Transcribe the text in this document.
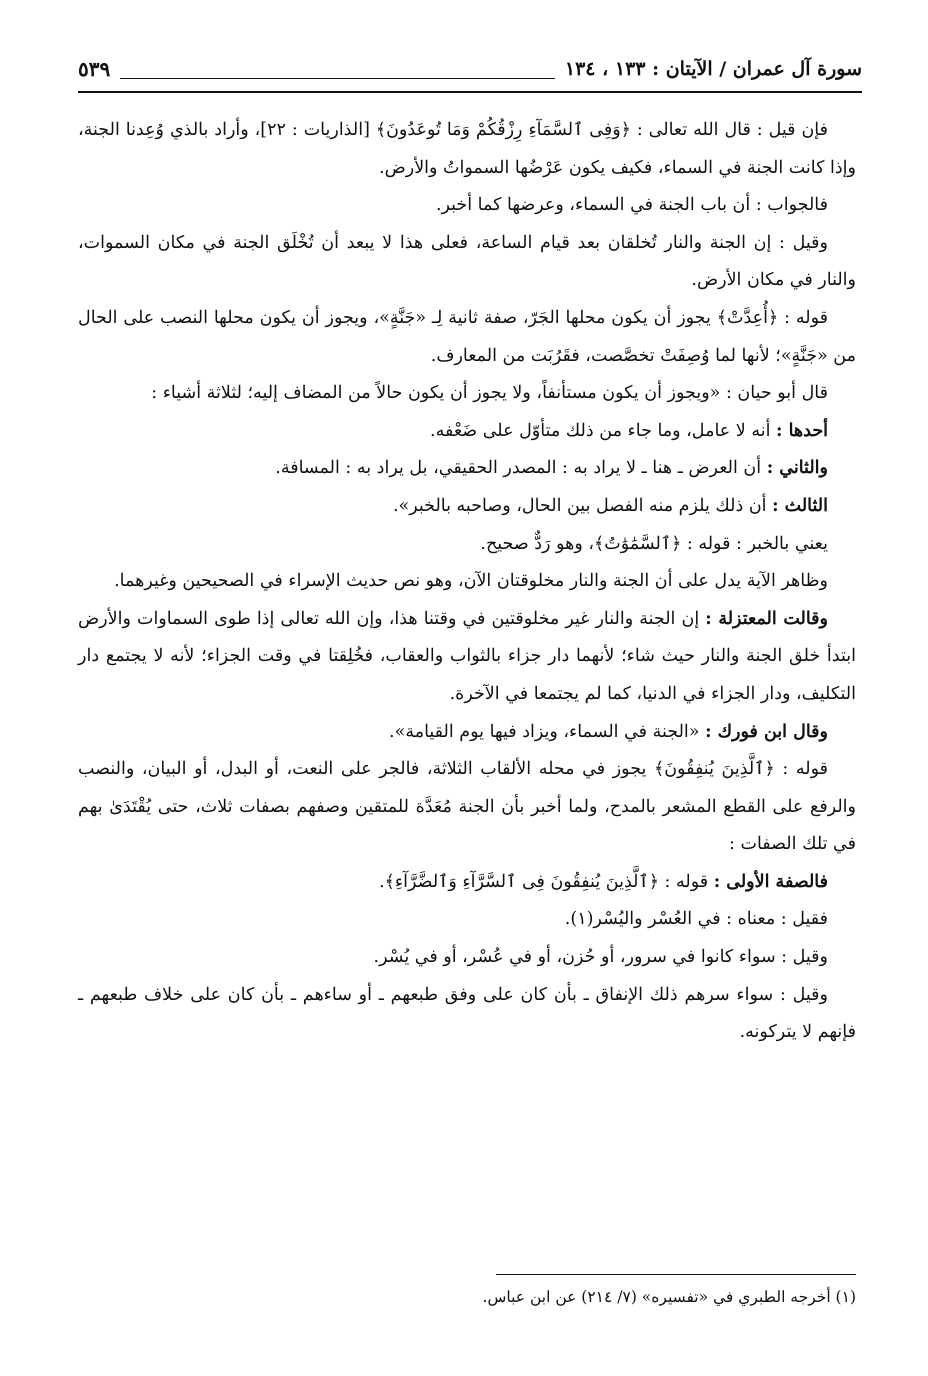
سورة آل عمران / الآيتان : ١٣٣ ، ١٣٤
٥٣٩

فإن قيل : قال الله تعالى : ﴿وَفِى ٱلسَّمَآءِ رِزْقُكُمْ وَمَا تُوعَدُونَ﴾ [الذاريات : ٢٢]، وأراد بالذي وُعِدنا الجنة، وإذا كانت الجنة في السماء، فكيف يكون عَرْضُها السمواتُ والأرض.

فالجواب : أن باب الجنة في السماء، وعرضها كما أخبر.

وقيل : إن الجنة والنار تُخلقان بعد قيام الساعة، فعلى هذا لا يبعد أن تُخْلَق الجنة في مكان السموات، والنار في مكان الأرض.

قوله : ﴿أُعِدَّتْ﴾ يجوز أن يكون محلها الجَرّ، صفة ثانية لِـ «جَنَّةٍ»، ويجوز أن يكون محلها النصب على الحال من «جَنَّةٍ»؛ لأنها لما وُصِفَتْ تخصَّصت، فقَرُبَت من المعارف.

قال أبو حيان : «ويجوز أن يكون مستأنفاً، ولا يجوز أن يكون حالاً من المضاف إليه؛ لثلاثة أشياء :

أحدها : أنه لا عامل، وما جاء من ذلك متأوّل على ضَعْفه.

والثاني : أن العرض ـ هنا ـ لا يراد به : المصدر الحقيقي، بل يراد به : المسافة.

الثالث : أن ذلك يلزم منه الفصل بين الحال، وصاحبه بالخبر».

يعني بالخبر : قوله : ﴿ٱلسَّمَٰوَٰتُ﴾، وهو رَدٌّ صحيح.

وظاهر الآية يدل على أن الجنة والنار مخلوقتان الآن، وهو نص حديث الإسراء في الصحيحين وغيرهما.

وقالت المعتزلة : إن الجنة والنار غير مخلوقتين في وقتنا هذا، وإن الله تعالى إذا طوى السماوات والأرض ابتدأ خلق الجنة والنار حيث شاء؛ لأنهما دار جزاء بالثواب والعقاب، فخُلِقتا في وقت الجزاء؛ لأنه لا يجتمع دار التكليف، ودار الجزاء في الدنيا، كما لم يجتمعا في الآخرة.

وقال ابن فورك : «الجنة في السماء، ويزاد فيها يوم القيامة».

قوله : ﴿ٱلَّذِينَ يُنفِقُونَ﴾ يجوز في محله الألقاب الثلاثة، فالجر على النعت، أو البدل، أو البيان، والنصب والرفع على القطع المشعر بالمدح، ولما أخبر بأن الجنة مُعَدَّة للمتقين وصفهم بصفات ثلاث، حتى يُقْتَدَىٰ بهم في تلك الصفات :

فالصفة الأولى : قوله : ﴿ٱلَّذِينَ يُنفِقُونَ فِى ٱلسَّرَّآءِ وَٱلضَّرَّآءِ﴾.

فقيل : معناه : في العُسْر واليُسْر(١).

وقيل : سواء كانوا في سرور، أو حُزن، أو في عُسْر، أو في يُسْر.

وقيل : سواء سرهم ذلك الإنفاق ـ بأن كان على وفق طبعهم ـ أو ساءهم ـ بأن كان على خلاف طبعهم ـ فإنهم لا يتركونه.

(١) أخرجه الطبري في «تفسيره» (٧/ ٢١٤) عن ابن عباس.
